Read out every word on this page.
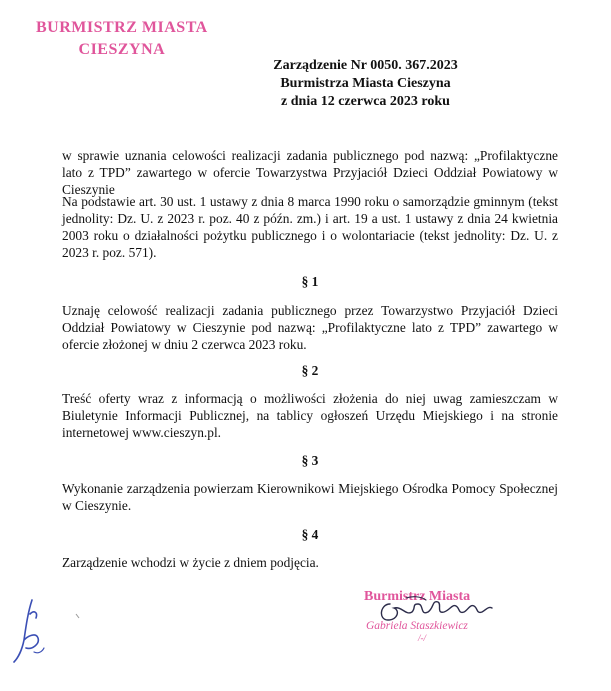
BURMISTRZ MIASTA
CIESZYNA
Zarządzenie Nr 0050. 367.2023
Burmistrza Miasta Cieszyna
z dnia 12 czerwca 2023 roku
w sprawie uznania celowości realizacji zadania publicznego pod nazwą: „Profilaktyczne lato z TPD” zawartego w ofercie Towarzystwa Przyjaciół Dzieci Oddział Powiatowy w Cieszynie
Na podstawie art. 30 ust. 1 ustawy z dnia 8 marca 1990 roku o samorządzie gminnym (tekst jednolity: Dz. U. z 2023 r. poz. 40 z późn. zm.) i art. 19 a ust. 1 ustawy z dnia 24 kwietnia 2003 roku o działalności pożytku publicznego i o wolontariacie (tekst jednolity: Dz. U. z 2023 r. poz. 571).
§ 1
Uznaję celowość realizacji zadania publicznego przez Towarzystwo Przyjaciół Dzieci Oddział Powiatowy w Cieszynie pod nazwą: „Profilaktyczne lato z TPD” zawartego w ofercie złożonej w dniu 2 czerwca 2023 roku.
§ 2
Treść oferty wraz z informacją o możliwości złożenia do niej uwag zamieszczam w Biuletynie Informacji Publicznej, na tablicy ogłoszeń Urzędu Miejskiego i na stronie internetowej www.cieszyn.pl.
§ 3
Wykonanie zarządzenia powierzam Kierownikowi Miejskiego Ośrodka Pomocy Społecznej w Cieszynie.
§ 4
Zarządzenie wchodzi w życie z dniem podjęcia.
Burmistrz Miasta
Gabriela Staszkiewicz
/-/
